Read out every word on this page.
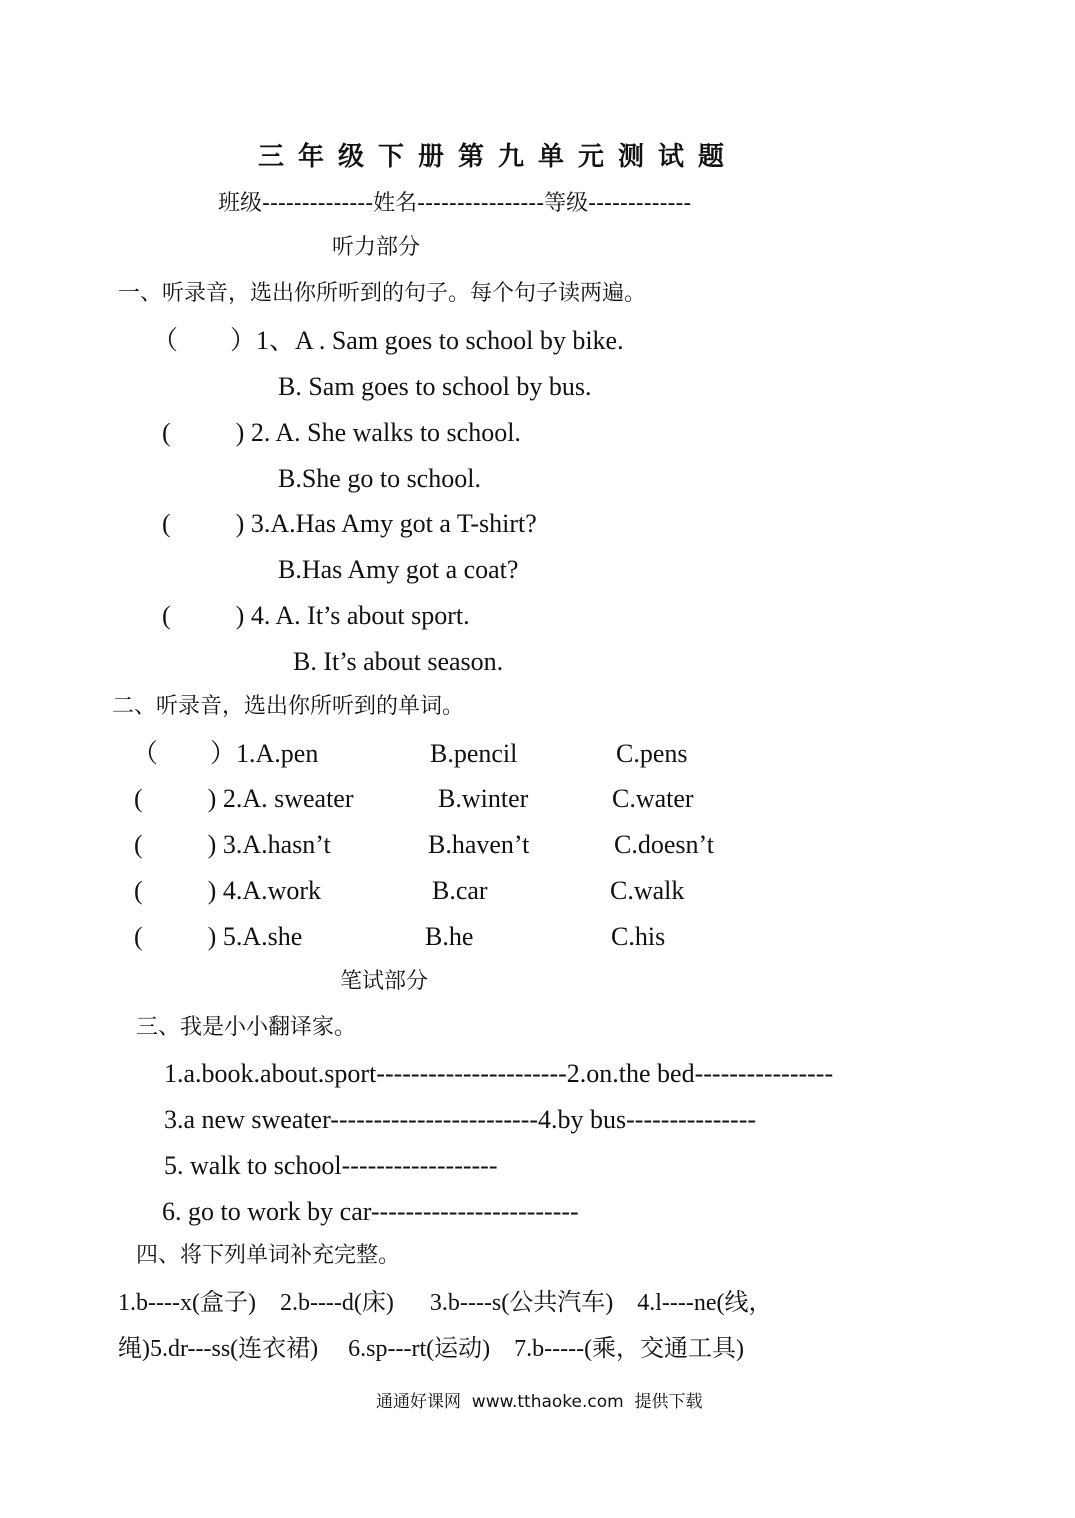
三年级下册第九单元测试题
班级--------------姓名----------------等级-------------
听力部分
一、听录音，选出你所听到的句子。每个句子读两遍。
（        ）1、A . Sam goes to school by bike.
B. Sam goes to school by bus.
(          ) 2. A. She walks to school.
B.She go to school.
(          ) 3.A.Has Amy got a T-shirt?
B.Has Amy got a coat?
(          ) 4. A. It’s about sport.
B. It’s about season.
二、听录音，选出你所听到的单词。
（        ）1.A.pen	B.pencil	C.pens
(          ) 2.A. sweater	B.winter	C.water
(          ) 3.A.hasn’t	B.haven’t	C.doesn’t
(          ) 4.A.work	B.car	C.walk
(          ) 5.A.she	B.he	C.his
笔试部分
三、我是小小翻译家。
1.a.book.about.sport----------------------2.on.the bed----------------
3.a new sweater------------------------4.by bus---------------
5. walk to school------------------
6. go to work by car------------------------
四、将下列单词补充完整。
1.b----x(盒子)    2.b----d(床)      3.b----s(公共汽车)    4.l----ne(线，
绳)5.dr---ss(连衣裙)     6.sp---rt(运动)    7.b-----(乘，交通工具)
通通好课网  www.tthaoke.com  提供下载
